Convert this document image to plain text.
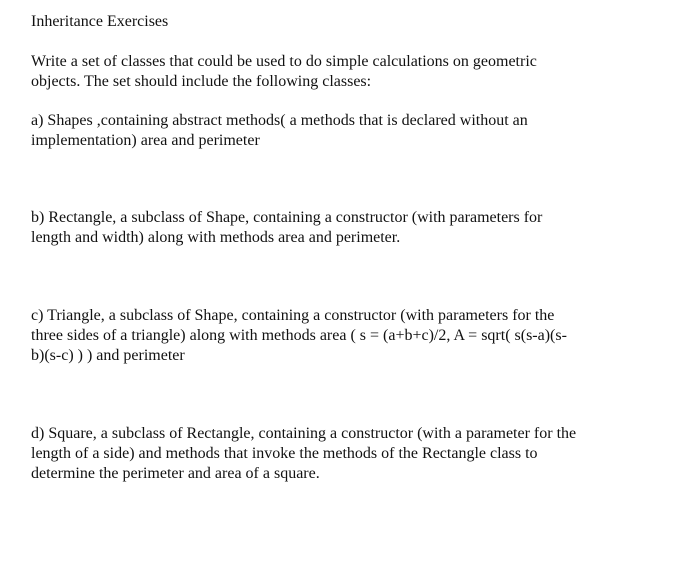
Inheritance Exercises
Write a set of classes that could be used to do simple calculations on geometric
objects. The set should include the following classes:
a) Shapes ,containing abstract methods( a methods that is declared without an
implementation) area and perimeter
b) Rectangle, a subclass of Shape, containing a constructor (with parameters for
length and width) along with methods area and perimeter.
c) Triangle, a subclass of Shape, containing a constructor (with parameters for the
three sides of a triangle) along with methods area ( s = (a+b+c)/2, A = sqrt( s(s-a)(s-
b)(s-c) ) ) and perimeter
d) Square, a subclass of Rectangle, containing a constructor (with a parameter for the
length of a side) and methods that invoke the methods of the Rectangle class to
determine the perimeter and area of a square.
